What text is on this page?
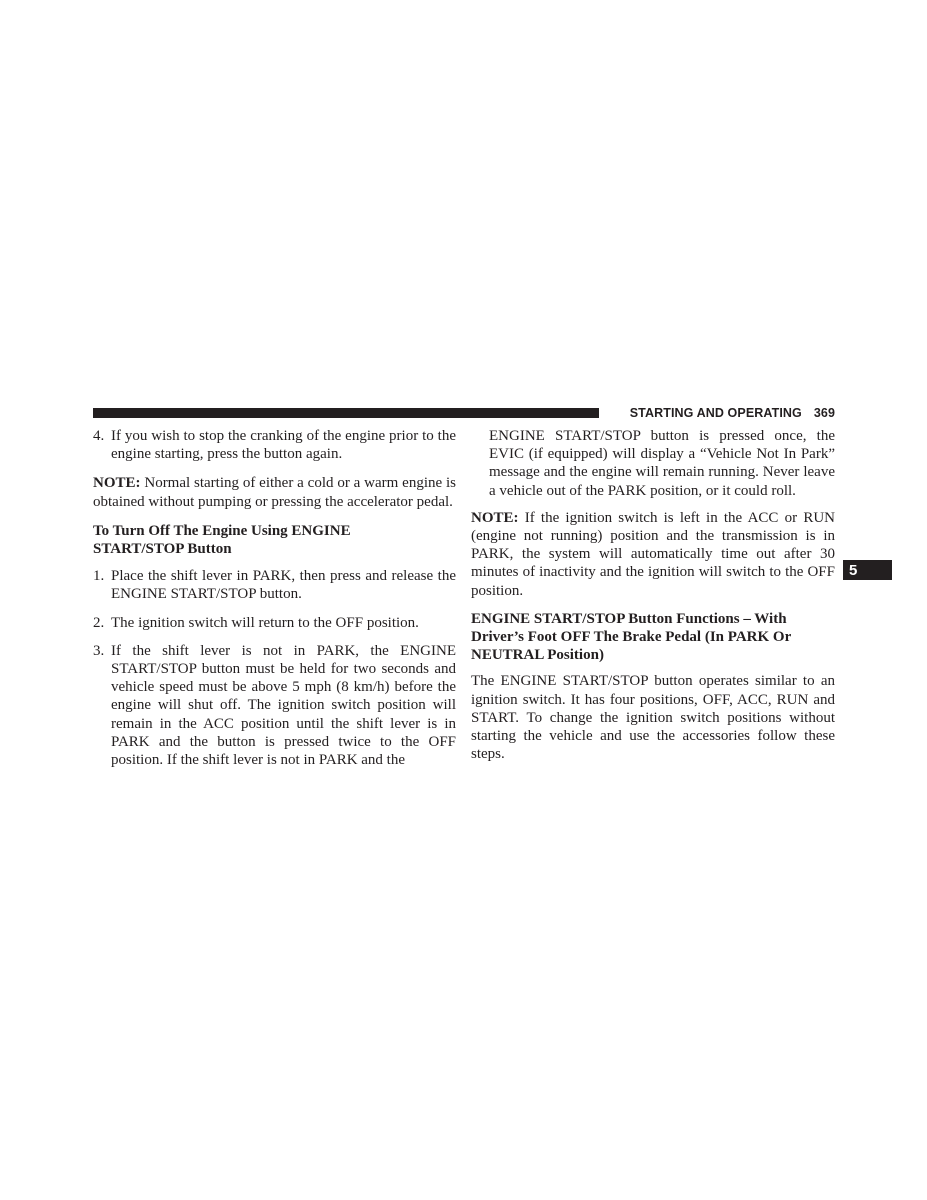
STARTING AND OPERATING 369
5
4. If you wish to stop the cranking of the engine prior to the engine starting, press the button again.

NOTE: Normal starting of either a cold or a warm engine is obtained without pumping or pressing the accelerator pedal.

To Turn Off The Engine Using ENGINE START/STOP Button
1. Place the shift lever in PARK, then press and release the ENGINE START/STOP button.
2. The ignition switch will return to the OFF position.
3. If the shift lever is not in PARK, the ENGINE START/STOP button must be held for two seconds and vehicle speed must be above 5 mph (8 km/h) before the engine will shut off. The ignition switch position will remain in the ACC position until the shift lever is in PARK and the button is pressed twice to the OFF position. If the shift lever is not in PARK and the

ENGINE START/STOP button is pressed once, the EVIC (if equipped) will display a “Vehicle Not In Park” message and the engine will remain running. Never leave a vehicle out of the PARK position, or it could roll.

NOTE: If the ignition switch is left in the ACC or RUN (engine not running) position and the transmission is in PARK, the system will automatically time out after 30 minutes of inactivity and the ignition will switch to the OFF position.

ENGINE START/STOP Button Functions – With Driver’s Foot OFF The Brake Pedal (In PARK Or NEUTRAL Position)

The ENGINE START/STOP button operates similar to an ignition switch. It has four positions, OFF, ACC, RUN and START. To change the ignition switch positions without starting the vehicle and use the accessories follow these steps.
